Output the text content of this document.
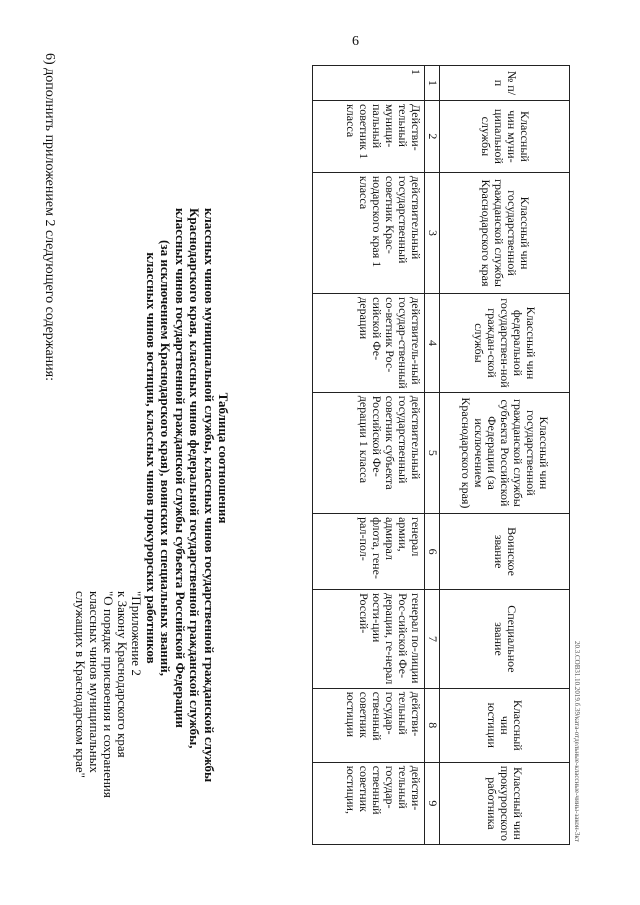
6
6) дополнить приложением 2 следующего содержания:
"Приложение 2
к Закону Краснодарского края
"О порядке присвоения и сохранения
классных чинов муниципальных
служащих в Краснодарском крае"
Таблица соотношения
классных чинов муниципальной службы, классных чинов государственной гражданской службы
Краснодарского края, классных чинов федеральной государственной гражданской службы,
классных чинов государственной гражданской службы субъекта Российской Федерации
(за исключением Краснодарского края), воинских и специальных званий,
классных чинов юстиции, классных чинов прокурорских работников
№ п/п	Классный чин муни-ципальной службы	Классный чин государственной гражданской службы Краснодарского края	Классный чин федеральной государствен-ной граждан-ской службы	Классный чин государственной гражданской службы субъекта Российской Федерации (за исключением Краснодарского края)	Воинское звание	Специальное звание	Классный чин юстиции	Классный чин прокурорского работника
1	2	3	4	5	6	7	8	9
1	Действи-тельный муници-пальный советник 1 класса	действительный государственный советник Крас-нодарского края 1 класса	действитель-ный государ-ственный со-ветник Рос-сийской Фе-дерации	действительный государственный советник субъекта Российской Фе-дерации 1 класса	генерал армии, адмирал флота, гене-рал-пол-	генерал по-лиции Рос-сийской Фе-дерации, ге-нерал юсти-ции Россий-	действи-тельный государ-ственный советник юстиции	действи-тельный государ-ственный советник юстиции,	20.3.СОВ31.10.2019.б.39/ката-отдельные-классные-чины-закон-3кт
